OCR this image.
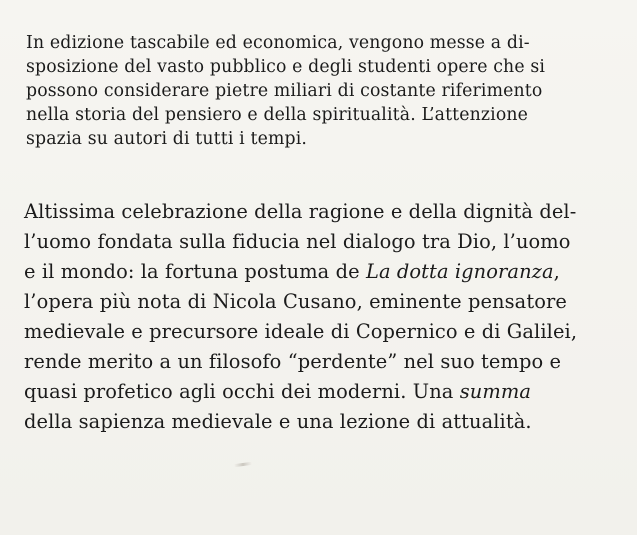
In edizione tascabile ed economica, vengono messe a di-
sposizione del vasto pubblico e degli studenti opere che si
possono considerare pietre miliari di costante riferimento
nella storia del pensiero e della spiritualità. L’attenzione
spazia su autori di tutti i tempi.
Altissima celebrazione della ragione e della dignità del-
l’uomo fondata sulla fiducia nel dialogo tra Dio, l’uomo
e il mondo: la fortuna postuma de La dotta ignoranza,
l’opera più nota di Nicola Cusano, eminente pensatore
medievale e precursore ideale di Copernico e di Galilei,
rende merito a un filosofo “perdente” nel suo tempo e
quasi profetico agli occhi dei moderni. Una summa
della sapienza medievale e una lezione di attualità.
